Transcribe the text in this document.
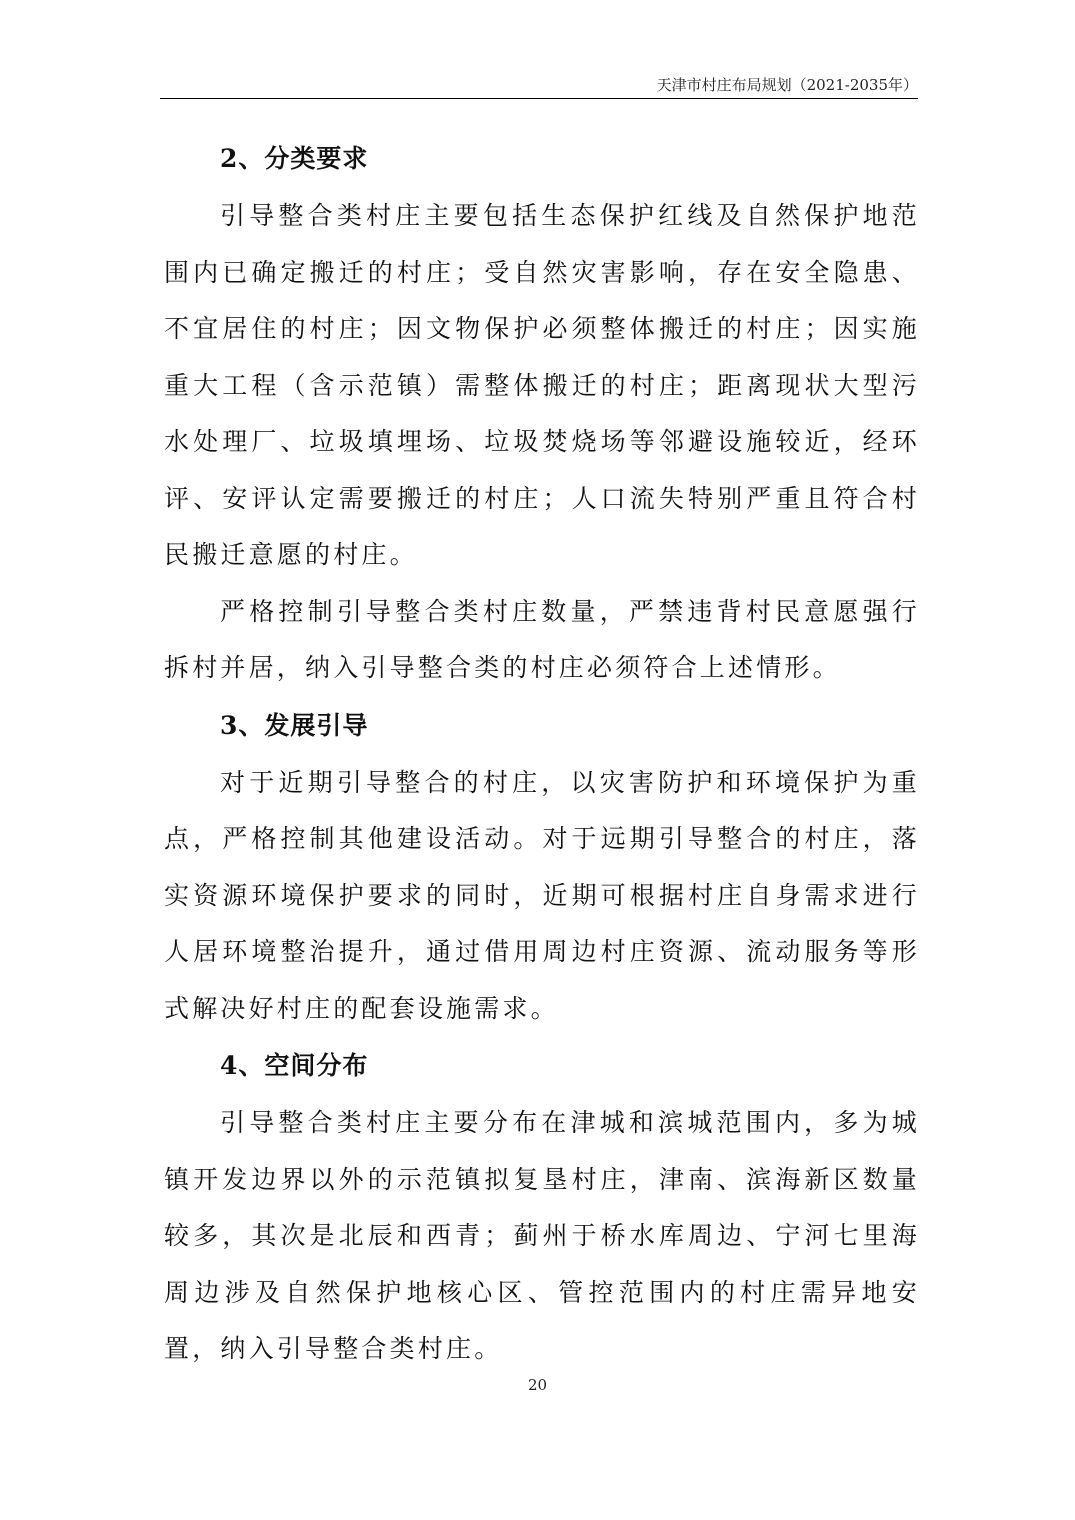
天津市村庄布局规划（2021-2035年）
2、分类要求

引导整合类村庄主要包括生态保护红线及自然保护地范围内已确定搬迁的村庄；受自然灾害影响，存在安全隐患、不宜居住的村庄；因文物保护必须整体搬迁的村庄；因实施重大工程（含示范镇）需整体搬迁的村庄；距离现状大型污水处理厂、垃圾填埋场、垃圾焚烧场等邻避设施较近，经环评、安评认定需要搬迁的村庄；人口流失特别严重且符合村民搬迁意愿的村庄。

严格控制引导整合类村庄数量，严禁违背村民意愿强行拆村并居，纳入引导整合类的村庄必须符合上述情形。

3、发展引导

对于近期引导整合的村庄，以灾害防护和环境保护为重点，严格控制其他建设活动。对于远期引导整合的村庄，落实资源环境保护要求的同时，近期可根据村庄自身需求进行人居环境整治提升，通过借用周边村庄资源、流动服务等形式解决好村庄的配套设施需求。

4、空间分布

引导整合类村庄主要分布在津城和滨城范围内，多为城镇开发边界以外的示范镇拟复垦村庄，津南、滨海新区数量较多，其次是北辰和西青；蓟州于桥水库周边、宁河七里海周边涉及自然保护地核心区、管控范围内的村庄需异地安置，纳入引导整合类村庄。

20
